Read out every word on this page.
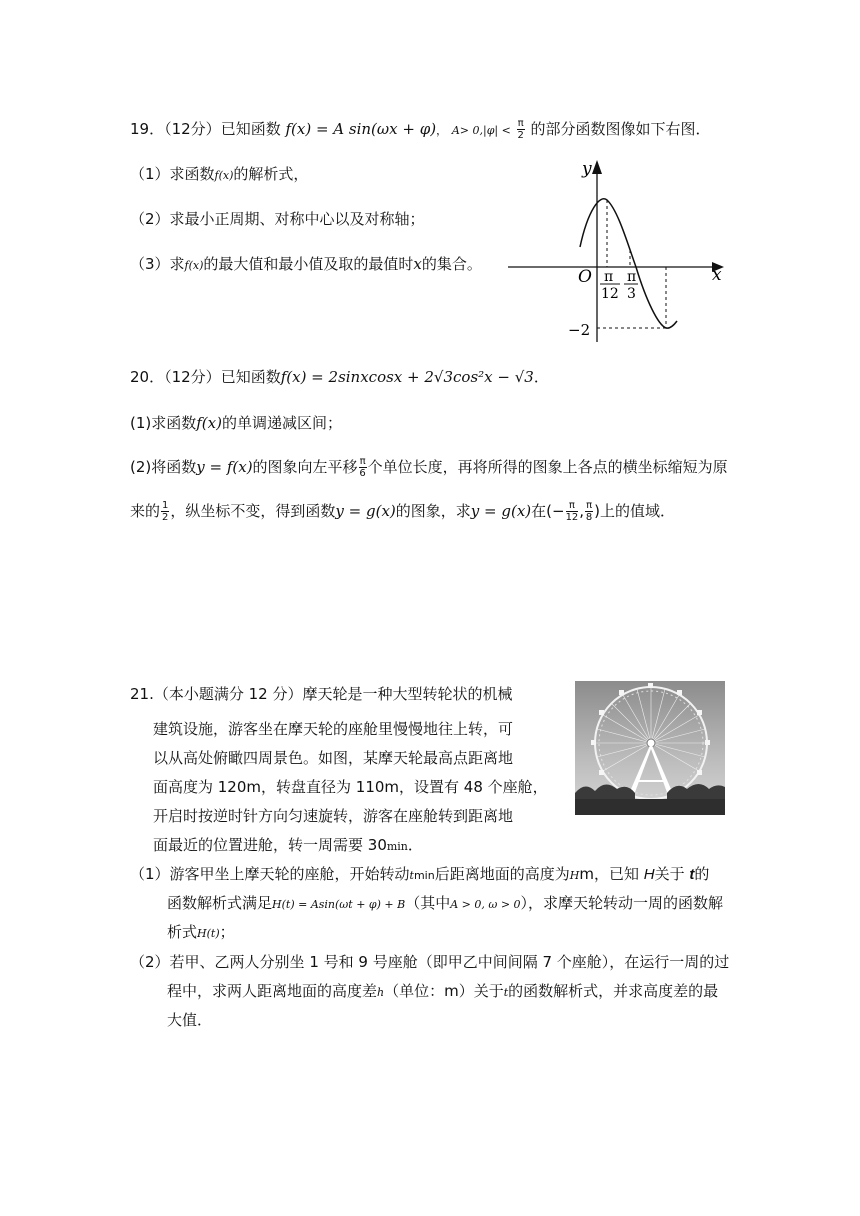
19．（12分）已知函数 f(x) = A sin(ωx + φ)， $A> 0,|\varphi| < \frac{\pi}{2}$ 的部分函数图像如下右图．
（1）求函数f(x)的解析式，
（2）求最小正周期、对称中心以及对称轴；
（3）求f(x)的最大值和最小值及取的最值时x的集合。
y
x
O π
12
π
3
−2
20．（12分）已知函数f(x) = 2sinxcosx + 2√3cos²x − √3．
(1)求函数f(x)的单调递减区间；
(2)将函数y = f(x)的图象向左平移 $\frac{\pi}{6}$ 个单位长度，再将所得的图象上各点的横坐标缩短为原
来的 $\frac{1}{2}$ ，纵坐标不变，得到函数y = g(x)的图象，求y = g(x)在(− $\frac{\pi}{12}$ , $\frac{\pi}{8}$ )上的值域．
21.（本小题满分 12 分）摩天轮是一种大型转轮状的机械
建筑设施，游客坐在摩天轮的座舱里慢慢地往上转，可
以从高处俯瞰四周景色。如图，某摩天轮最高点距离地
面高度为 120m，转盘直径为 110m，设置有 48 个座舱，
开启时按逆时针方向匀速旋转，游客在座舱转到距离地
面最近的位置进舱，转一周需要 30min．
（1）游客甲坐上摩天轮的座舱，开始转动tmin后距离地面的高度为Hm，已知 H关于 t的
函数解析式满足H(t) = Asin(ωt + φ) + B（其中A > 0, ω > 0），求摩天轮转动一周的函数解
析式H(t)；
（2）若甲、乙两人分别坐 1 号和 9 号座舱（即甲乙中间间隔 7 个座舱），在运行一周的过
程中，求两人距离地面的高度差h（单位：m）关于t的函数解析式，并求高度差的最
大值．
